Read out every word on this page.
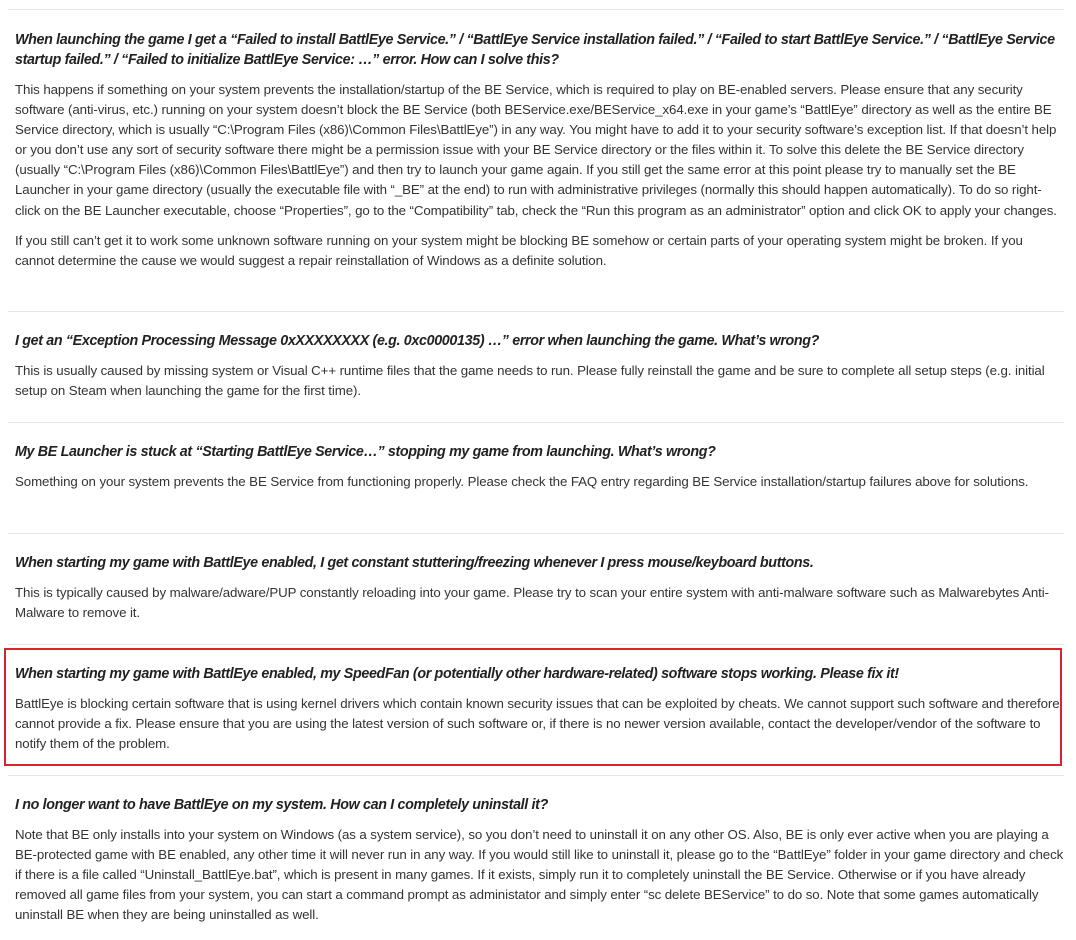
When launching the game I get a “Failed to install BattlEye Service.” / “BattlEye Service installation failed.” / “Failed to start BattlEye Service.” / “BattlEye Service startup failed.” / “Failed to initialize BattlEye Service: …” error. How can I solve this?

This happens if something on your system prevents the installation/startup of the BE Service, which is required to play on BE-enabled servers. Please ensure that any security software (anti-virus, etc.) running on your system doesn’t block the BE Service (both BEService.exe/BEService_x64.exe in your game’s “BattlEye” directory as well as the entire BE Service directory, which is usually “C:\Program Files (x86)\Common Files\BattlEye”) in any way. You might have to add it to your security software’s exception list. If that doesn’t help or you don’t use any sort of security software there might be a permission issue with your BE Service directory or the files within it. To solve this delete the BE Service directory (usually “C:\Program Files (x86)\Common Files\BattlEye”) and then try to launch your game again. If you still get the same error at this point please try to manually set the BE Launcher in your game directory (usually the executable file with “_BE” at the end) to run with administrative privileges (normally this should happen automatically). To do so right-click on the BE Launcher executable, choose “Properties”, go to the “Compatibility” tab, check the “Run this program as an administrator” option and click OK to apply your changes.

If you still can’t get it to work some unknown software running on your system might be blocking BE somehow or certain parts of your operating system might be broken. If you cannot determine the cause we would suggest a repair reinstallation of Windows as a definite solution.

I get an “Exception Processing Message 0xXXXXXXXX (e.g. 0xc0000135) …” error when launching the game. What’s wrong?

This is usually caused by missing system or Visual C++ runtime files that the game needs to run. Please fully reinstall the game and be sure to complete all setup steps (e.g. initial setup on Steam when launching the game for the first time).

My BE Launcher is stuck at “Starting BattlEye Service…” stopping my game from launching. What’s wrong?

Something on your system prevents the BE Service from functioning properly. Please check the FAQ entry regarding BE Service installation/startup failures above for solutions.

When starting my game with BattlEye enabled, I get constant stuttering/freezing whenever I press mouse/keyboard buttons.

This is typically caused by malware/adware/PUP constantly reloading into your game. Please try to scan your entire system with anti-malware software such as Malwarebytes Anti-Malware to remove it.

When starting my game with BattlEye enabled, my SpeedFan (or potentially other hardware-related) software stops working. Please fix it!

BattlEye is blocking certain software that is using kernel drivers which contain known security issues that can be exploited by cheats. We cannot support such software and therefore cannot provide a fix. Please ensure that you are using the latest version of such software or, if there is no newer version available, contact the developer/vendor of the software to notify them of the problem.

I no longer want to have BattlEye on my system. How can I completely uninstall it?

Note that BE only installs into your system on Windows (as a system service), so you don’t need to uninstall it on any other OS. Also, BE is only ever active when you are playing a BE-protected game with BE enabled, any other time it will never run in any way. If you would still like to uninstall it, please go to the “BattlEye” folder in your game directory and check if there is a file called “Uninstall_BattlEye.bat”, which is present in many games. If it exists, simply run it to completely uninstall the BE Service. Otherwise or if you have already removed all game files from your system, you can start a command prompt as administator and simply enter “sc delete BEService” to do so. Note that some games automatically uninstall BE when they are being uninstalled as well.
